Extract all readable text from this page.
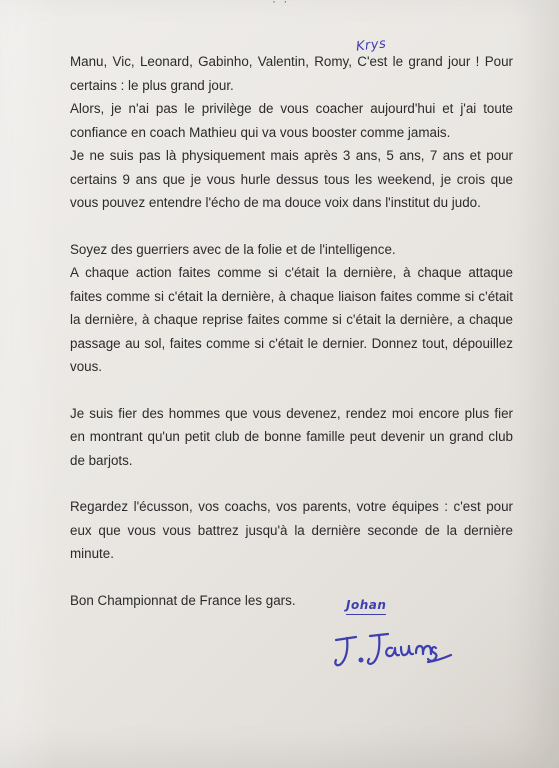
· ·

Manu, Vic, Leonard, Gabinho, Valentin, Romy, C'est le grand jour ! Pour certains : le plus grand jour.
Alors, je n'ai pas le privilège de vous coacher aujourd'hui et j'ai toute confiance en coach Mathieu qui va vous booster comme jamais.
Je ne suis pas là physiquement mais après 3 ans, 5 ans, 7 ans et pour certains 9 ans que je vous hurle dessus tous les weekend, je crois que vous pouvez entendre l'écho de ma douce voix dans l'institut du judo.

Soyez des guerriers avec de la folie et de l'intelligence.
A chaque action faites comme si c'était la dernière, à chaque attaque faites comme si c'était la dernière, à chaque liaison faites comme si c'était la dernière, à chaque reprise faites comme si c'était la dernière, a chaque passage au sol, faites comme si c'était le dernier. Donnez tout, dépouillez vous.

Je suis fier des hommes que vous devenez, rendez moi encore plus fier en montrant qu'un petit club de bonne famille peut devenir un grand club de barjots.

Regardez l'écusson, vos coachs, vos parents, votre équipes : c'est pour eux que vous vous battrez jusqu'à la dernière seconde de la dernière minute.

Bon Championnat de France les gars.

Krys
Johan
